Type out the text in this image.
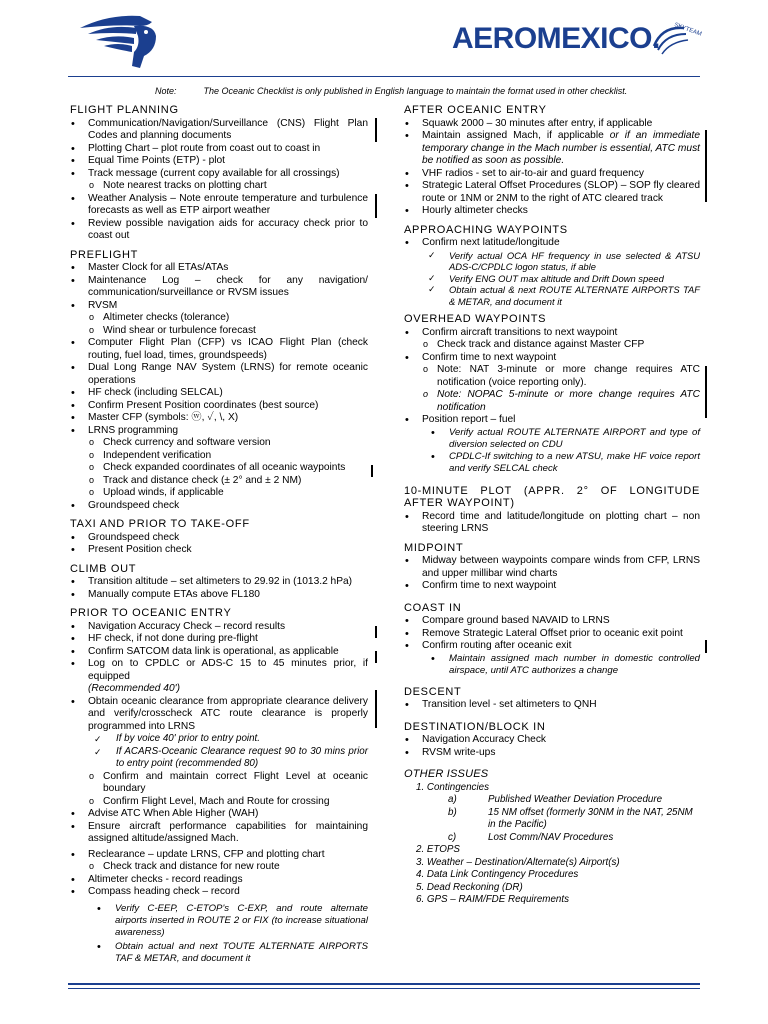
AEROMEXICO. SKYTEAM
Note:	The Oceanic Checklist is only published in English language to maintain the format used in other checklist.
FLIGHT PLANNING
• Communication/Navigation/Surveillance (CNS) Flight Plan Codes and planning documents
• Plotting Chart – plot route from coast out to coast in
• Equal Time Points (ETP) - plot
• Track message (current copy available for all crossings)
o Note nearest tracks on plotting chart
• Weather Analysis – Note enroute temperature and turbulence forecasts as well as ETP airport weather
• Review possible navigation aids for accuracy check prior to coast out
PREFLIGHT
• Master Clock for all ETAs/ATAs
• Maintenance Log – check for any navigation/ communication/surveillance or RVSM issues
• RVSM
o Altimeter checks (tolerance)
o Wind shear or turbulence forecast
• Computer Flight Plan (CFP) vs ICAO Flight Plan (check routing, fuel load, times, groundspeeds)
• Dual Long Range NAV System (LRNS) for remote oceanic operations
• HF check (including SELCAL)
• Confirm Present Position coordinates (best source)
• Master CFP (symbols: ⓦ, ✓, \, X)
• LRNS programming
o Check currency and software version
o Independent verification
o Check expanded coordinates of all oceanic waypoints
o Track and distance check (± 2° and ± 2 NM)
o Upload winds, if applicable
• Groundspeed check
TAXI AND PRIOR TO TAKE-OFF
• Groundspeed check
• Present Position check
CLIMB OUT
• Transition altitude – set altimeters to 29.92 in (1013.2 hPa)
• Manually compute ETAs above FL180
PRIOR TO OCEANIC ENTRY
• Navigation Accuracy Check – record results
• HF check, if not done during pre-flight
• Confirm SATCOM data link is operational, as applicable
• Log on to CPDLC or ADS-C 15 to 45 minutes prior, if equipped
(Recommended 40')
• Obtain oceanic clearance from appropriate clearance delivery and verify/crosscheck ATC route clearance is properly programmed into LRNS
✓ If by voice 40' prior to entry point.
✓ If ACARS-Oceanic Clearance request 90 to 30 mins prior to entry point (recommended 80)
o Confirm and maintain correct Flight Level at oceanic boundary
o Confirm Flight Level, Mach and Route for crossing
• Advise ATC When Able Higher (WAH)
• Ensure aircraft performance capabilities for maintaining assigned altitude/assigned Mach.
• Reclearance – update LRNS, CFP and plotting chart
o Check track and distance for new route
• Altimeter checks - record readings
• Compass heading check – record
• Verify C-EEP, C-ETOP's C-EXP, and route alternate airports inserted in ROUTE 2 or FIX (to increase situational awareness)
• Obtain actual and next TOUTE ALTERNATE AIRPORTS TAF & METAR, and document it
AFTER OCEANIC ENTRY
• Squawk 2000 – 30 minutes after entry, if applicable
• Maintain assigned Mach, if applicable or if an immediate temporary change in the Mach number is essential, ATC must be notified as soon as possible.
• VHF radios - set to air-to-air and guard frequency
• Strategic Lateral Offset Procedures (SLOP) – SOP fly cleared route or 1NM or 2NM to the right of ATC cleared track
• Hourly altimeter checks
APPROACHING WAYPOINTS
• Confirm next latitude/longitude
✓ Verify actual OCA HF frequency in use selected & ATSU ADS-C/CPDLC logon status, if able
✓ Verify ENG OUT max altitude and Drift Down speed
✓ Obtain actual & next ROUTE ALTERNATE AIRPORTS TAF & METAR, and document it
OVERHEAD WAYPOINTS
• Confirm aircraft transitions to next waypoint
o Check track and distance against Master CFP
• Confirm time to next waypoint
o Note: NAT 3-minute or more change requires ATC notification (voice reporting only).
o Note: NOPAC 5-minute or more change requires ATC notification
• Position report – fuel
• Verify actual ROUTE ALTERNATE AIRPORT and type of diversion selected on CDU
• CPDLC-If switching to a new ATSU, make HF voice report and verify SELCAL check
10-MINUTE PLOT (APPR. 2° OF LONGITUDE AFTER WAYPOINT)
• Record time and latitude/longitude on plotting chart – non steering LRNS
MIDPOINT
• Midway between waypoints compare winds from CFP, LRNS and upper millibar wind charts
• Confirm time to next waypoint
COAST IN
• Compare ground based NAVAID to LRNS
• Remove Strategic Lateral Offset prior to oceanic exit point
• Confirm routing after oceanic exit
• Maintain assigned mach number in domestic controlled airspace, until ATC authorizes a change
DESCENT
• Transition level - set altimeters to QNH
DESTINATION/BLOCK IN
• Navigation Accuracy Check
• RVSM write-ups
OTHER ISSUES
1. Contingencies
a)	Published Weather Deviation Procedure
b)	15 NM offset (formerly 30NM in the NAT, 25NM in the Pacific)
c)	Lost Comm/NAV Procedures
2. ETOPS
3. Weather – Destination/Alternate(s) Airport(s)
4. Data Link Contingency Procedures
5. Dead Reckoning (DR)
6. GPS – RAIM/FDE Requirements
